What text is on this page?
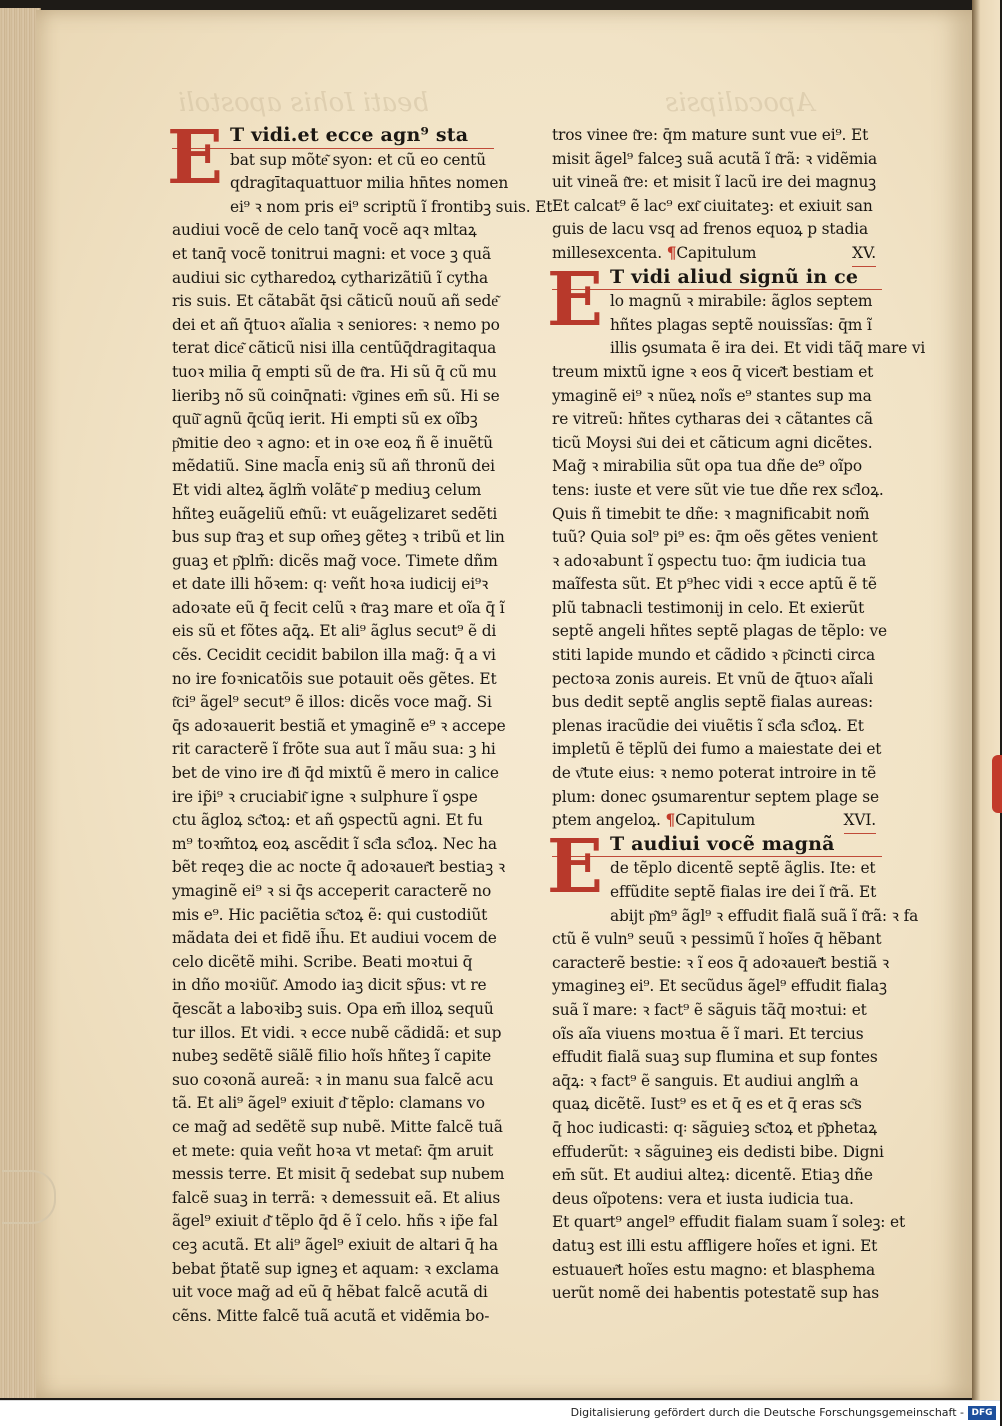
beati Iohis apostoli	Apocalipsis
E T vidi.et ecce agn⁹ sta
bat sup mõte͂ syon: et cũ eo centũ
qdragītaquattuor milia hn̄tes nomen
ei⁹ ꝛ nom pris ei⁹ scriptũ ĩ frontibꝫ suis. Et
audiui vocẽ de celo tanq̄ vocẽ aqꝛ mltaꝝ
et tanq̄ vocẽ tonitrui magni: et voce ꝫ quã
audiui sic cytharedoꝝ cytharizãtiũ ĩ cytha
ris suis. Et cãtabãt q̄si cãticũ nouũ añ sede͂
dei et añ q̄tuoꝛ aĩalia ꝛ seniores: ꝛ nemo po
terat dice͂ cãticũ nisi illa centũq̄dragitaqua
tuoꝛ milia q̄ empti sũ de t͂ra. Hi sũ q̄ cũ mu
lieribꝫ nõ sũ coinq̄nati: v͂gines em̄ sũ. Hi se
quũ͂ agnũ q̄cũq ierit. Hi empti sũ ex oĩbꝫ
p͂mitie deo ꝛ agno: et in oꝛe eoꝝ ñ ẽ inuẽtũ
mẽdatiũ. Sine macl̃a eniꝫ sũ añ thronũ dei
Et vidi alteꝝ ãglm̃ volãte͂ p mediuꝫ celum
hñteꝫ euãgeliũ et͂nũ: vt euãgelizaret sedẽti
bus sup t͂raꝫ et sup om̃eꝫ gẽteꝫ ꝛ tribũ et lin
guaꝫ et p͂plm̃: dicẽs mag̃ voce. Timete dñm
et date illi hõꝛem: q꞉ veñt hoꝛa iudicij ei⁹ꝛ
adoꝛate eũ q̄ fecit celũ ꝛ t͂raꝫ mare et oĩa q̄ ĩ
eis sũ et fõtes aq̄ꝝ. Et ali⁹ ãglus secut⁹ ẽ di
cẽs. Cecidit cecidit babilon illa mag̃: q̄ a vi
no ire foꝛnicatõis sue potauit oẽs gẽtes. Et
t͂ci⁹ ãgel⁹ secut⁹ ẽ illos: dicẽs voce mag̃. Si
q̄s adoꝛauerit bestiã et ymaginẽ e⁹ ꝛ accepe
rit caracterẽ ĩ frõte sua aut ĩ mãu sua: ꝫ hi
bet de vino ire d͂i q̄d mixtũ ẽ mero in calice
ire ip̃i⁹ ꝛ cruciabit͂ igne ꝛ sulphure ĩ ꝯspe
ctu ãgloꝝ sc͂toꝝ: et añ ꝯspectũ agni. Et fu
m⁹ toꝛm̃toꝝ eoꝝ ascẽdit ĩ sc͂la sc͂loꝝ. Nec ha
bẽt reqeꝫ die ac nocte q̄ adoꝛauer͂t bestiaꝫ ꝛ
ymaginẽ ei⁹ ꝛ si q̄s acceperit caracterẽ no
mis e⁹. Hic paciẽtia sc͂toꝝ ẽ: qui custodiũt
mãdata dei et fidẽ ih̃u. Et audiui vocem de
celo dicẽtẽ mihi. Scribe. Beati moꝛtui q̄
in dño moꝛiũt͂. Amodo iaꝫ dicit sp̃us: vt re
q̄escãt a laboꝛibꝫ suis. Opa em̄ illoꝝ sequũ
tur illos. Et vidi. ꝛ ecce nubẽ cãdidã: et sup
nubeꝫ sedẽtẽ siãlẽ filio hoĩs hñteꝫ ĩ capite
suo coꝛonã aureã: ꝛ in manu sua falcẽ acu
tã. Et ali⁹ ãgel⁹ exiuit d͂ tẽplo: clamans vo
ce mag̃ ad sedẽtẽ sup nubẽ. Mitte falcẽ tuã
et mete: quia veñt hoꝛa vt metat͂: q̄m aruit
messis terre. Et misit q̄ sedebat sup nubem
falcẽ suaꝫ in terrã: ꝛ demessuit eã. Et alius
ãgel⁹ exiuit d͂ tẽplo q̄d ẽ ĩ celo. hñs ꝛ ip̃e fal
ceꝫ acutã. Et ali⁹ ãgel⁹ exiuit de altari q̄ ha
bebat p̃tatẽ sup igneꝫ et aquam: ꝛ exclama
uit voce mag̃ ad eũ q̄ hẽbat falcẽ acutã di
cẽns. Mitte falcẽ tuã acutã et vidẽmia bo-
tros vinee t͂re: q̄m mature sunt vue ei⁹. Et
misit ãgel⁹ falceꝫ suã acutã ĩ t͂rã: ꝛ vidẽmia
uit vineã t͂re: et misit ĩ lacũ ire dei magnuꝫ
Et calcat⁹ ẽ lac⁹ ext͂ ciuitateꝫ: et exiuit san
guis de lacu vsq ad frenos equoꝝ p stadia
millesexcenta. ¶Capitulum	XV.
E T vidi aliud signũ in ce
lo magnũ ꝛ mirabile: ãglos septem
hñtes plagas septẽ nouissĩas: q̄m ĩ
illis ꝯsumata ẽ ira dei. Et vidi tãq̄ mare vi
treum mixtũ igne ꝛ eos q̄ vicer͂t bestiam et
ymaginẽ ei⁹ ꝛ nũeꝝ noĩs e⁹ stantes sup ma
re vitreũ: hñtes cytharas dei ꝛ cãtantes cã
ticũ Moysi s͂ui dei et cãticum agni dicẽtes.
Mag̃ ꝛ mirabilia sũt opa tua dñe de⁹ oĩpo
tens: iuste et vere sũt vie tue dñe rex sc͂loꝝ.
Quis ñ timebit te dñe: ꝛ magnificabit nom̃
tuũ? Quia sol⁹ pi⁹ es: q̄m oẽs gẽtes venient
ꝛ adoꝛabunt ĩ ꝯspectu tuo: q̄m iudicia tua
maĩfesta sũt. Et p⁹hec vidi ꝛ ecce aptũ ẽ tẽ
plũ tabnacli testimonij in celo. Et exierũt
septẽ angeli hñtes septẽ plagas de tẽplo: ve
stiti lapide mundo et cãdido ꝛ p͂cincti circa
pectoꝛa zonis aureis. Et vnũ de q̄tuoꝛ aĩali
bus dedit septẽ anglis septẽ fialas aureas:
plenas iracũdie dei viuẽtis ĩ sc͂la sc͂loꝝ. Et
impletũ ẽ tẽplũ dei fumo a maiestate dei et
de v͂tute eius: ꝛ nemo poterat introire in tẽ
plum: donec ꝯsumarentur septem plage se
ptem angeloꝝ. ¶Capitulum	XVI.
E T audiui vocẽ magnã
de tẽplo dicentẽ septẽ ãglis. Ite: et
effũdite septẽ fialas ire dei ĩ t͂rã. Et
abijt p͂m⁹ ãgl⁹ ꝛ effudit fialã suã ĩ t͂rã: ꝛ fa
ctũ ẽ vuln⁹ seuũ ꝛ pessimũ ĩ hoĩes q̄ hẽbant
caracterẽ bestie: ꝛ ĩ eos q̄ adoꝛauer͂t bestiã ꝛ
ymagineꝫ ei⁹. Et secũdus ãgel⁹ effudit fialaꝫ
suã ĩ mare: ꝛ fact⁹ ẽ sãguis tãq̄ moꝛtui: et
oĩs aĩa viuens moꝛtua ẽ ĩ mari. Et tercius
effudit fialã suaꝫ sup flumina et sup fontes
aq̄ꝝ: ꝛ fact⁹ ẽ sanguis. Et audiui anglm̃ a
quaꝝ dicẽtẽ. Iust⁹ es et q̄ es et q̄ eras sc͂s
q̄ hoc iudicasti: q꞉ sãguieꝫ sc͂toꝝ et p͂phetaꝝ
effuderũt: ꝛ sãguineꝫ eis dedisti bibe. Digni
em̄ sũt. Et audiui alteꝝ: dicentẽ. Etiaꝫ dñe
deus oĩpotens: vera et iusta iudicia tua.
Et quart⁹ angel⁹ effudit fialam suam ĩ soleꝫ: et
datuꝫ est illi estu affligere hoĩes et igni. Et
estuauer͂t hoĩes estu magno: et blasphema
uerũt nomẽ dei habentis potestatẽ sup has
Digitalisierung gefördert durch die Deutsche Forschungsgemeinschaft - DFG
